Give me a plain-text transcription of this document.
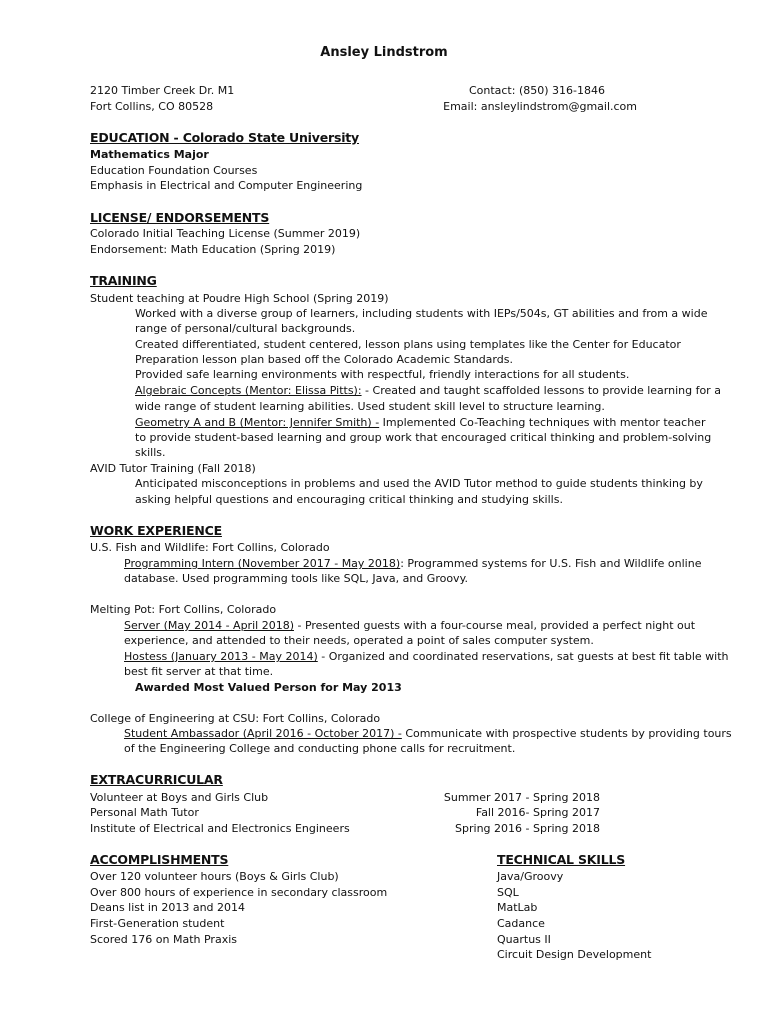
Ansley Lindstrom
2120 Timber Creek Dr. M1
Fort Collins, CO 80528
Contact: (850) 316-1846
Email: ansleylindstrom@gmail.com
EDUCATION - Colorado State University
Mathematics Major
Education Foundation Courses
Emphasis in Electrical and Computer Engineering
LICENSE/ ENDORSEMENTS
Colorado Initial Teaching License (Summer 2019)
Endorsement: Math Education (Spring 2019)
TRAINING
Student teaching at Poudre High School (Spring 2019)
Worked with a diverse group of learners, including students with IEPs/504s, GT abilities and from a wide
range of personal/cultural backgrounds.
Created differentiated, student centered, lesson plans using templates like the Center for Educator
Preparation lesson plan based off the Colorado Academic Standards.
Provided safe learning environments with respectful, friendly interactions for all students.
Algebraic Concepts (Mentor: Elissa Pitts): - Created and taught scaffolded lessons to provide learning for a
wide range of student learning abilities. Used student skill level to structure learning.
Geometry A and B (Mentor: Jennifer Smith) - Implemented Co-Teaching techniques with mentor teacher
to provide student-based learning and group work that encouraged critical thinking and problem-solving
skills.
AVID Tutor Training (Fall 2018)
Anticipated misconceptions in problems and used the AVID Tutor method to guide students thinking by
asking helpful questions and encouraging critical thinking and studying skills.
WORK EXPERIENCE
U.S. Fish and Wildlife: Fort Collins, Colorado
Programming Intern (November 2017 - May 2018): Programmed systems for U.S. Fish and Wildlife online
database. Used programming tools like SQL, Java, and Groovy.
Melting Pot: Fort Collins, Colorado
Server (May 2014 - April 2018) - Presented guests with a four-course meal, provided a perfect night out
experience, and attended to their needs, operated a point of sales computer system.
Hostess (January 2013 - May 2014) - Organized and coordinated reservations, sat guests at best fit table with
best fit server at that time.
Awarded Most Valued Person for May 2013
College of Engineering at CSU: Fort Collins, Colorado
Student Ambassador (April 2016 - October 2017) - Communicate with prospective students by providing tours
of the Engineering College and conducting phone calls for recruitment.
EXTRACURRICULAR
Volunteer at Boys and Girls Club	Summer 2017 - Spring 2018
Personal Math Tutor	Fall 2016- Spring 2017
Institute of Electrical and Electronics Engineers	Spring 2016 - Spring 2018
ACCOMPLISHMENTS
Over 120 volunteer hours (Boys & Girls Club)
Over 800 hours of experience in secondary classroom
Deans list in 2013 and 2014
First-Generation student
Scored 176 on Math Praxis
TECHNICAL SKILLS
Java/Groovy
SQL
MatLab
Cadance
Quartus II
Circuit Design Development
